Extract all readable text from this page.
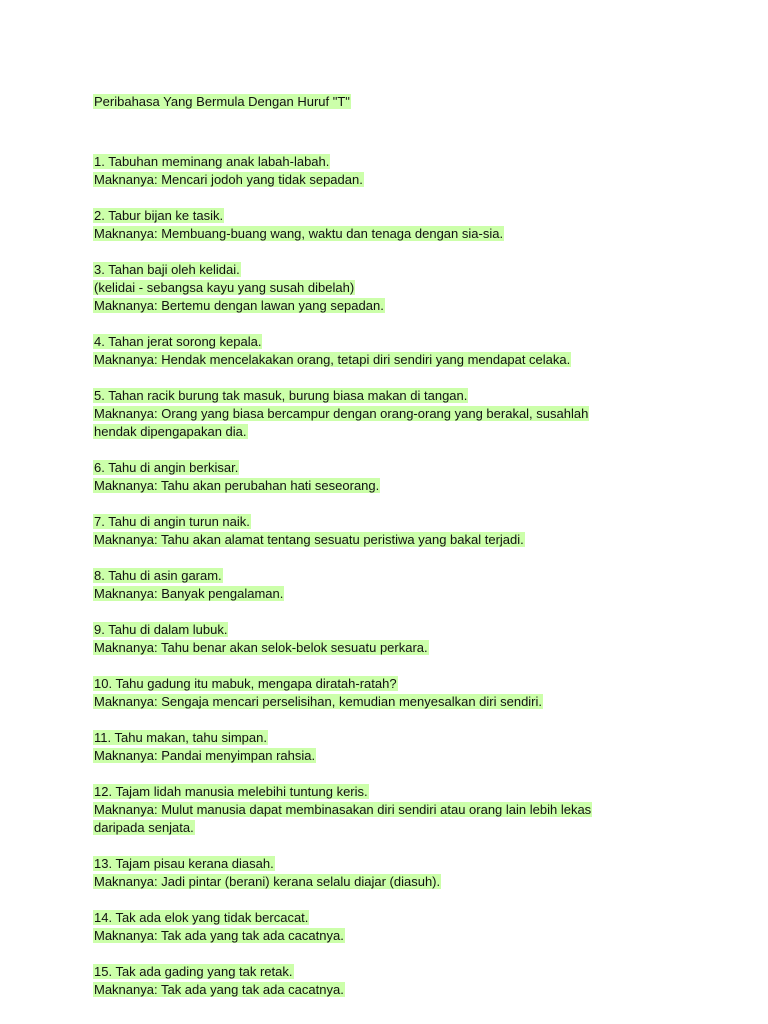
Peribahasa Yang Bermula Dengan Huruf "T"
1. Tabuhan meminang anak labah-labah.
Maknanya: Mencari jodoh yang tidak sepadan.
2. Tabur bijan ke tasik.
Maknanya: Membuang-buang wang, waktu dan tenaga dengan sia-sia.
3. Tahan baji oleh kelidai.
(kelidai - sebangsa kayu yang susah dibelah)
Maknanya: Bertemu dengan lawan yang sepadan.
4. Tahan jerat sorong kepala.
Maknanya: Hendak mencelakakan orang, tetapi diri sendiri yang mendapat celaka.
5. Tahan racik burung tak masuk, burung biasa makan di tangan.
Maknanya: Orang yang biasa bercampur dengan orang-orang yang berakal, susahlah
hendak dipengapakan dia.
6. Tahu di angin berkisar.
Maknanya: Tahu akan perubahan hati seseorang.
7. Tahu di angin turun naik.
Maknanya: Tahu akan alamat tentang sesuatu peristiwa yang bakal terjadi.
8. Tahu di asin garam.
Maknanya: Banyak pengalaman.
9. Tahu di dalam lubuk.
Maknanya: Tahu benar akan selok-belok sesuatu perkara.
10. Tahu gadung itu mabuk, mengapa diratah-ratah?
Maknanya: Sengaja mencari perselisihan, kemudian menyesalkan diri sendiri.
11. Tahu makan, tahu simpan.
Maknanya: Pandai menyimpan rahsia.
12. Tajam lidah manusia melebihi tuntung keris.
Maknanya: Mulut manusia dapat membinasakan diri sendiri atau orang lain lebih lekas
daripada senjata.
13. Tajam pisau kerana diasah.
Maknanya: Jadi pintar (berani) kerana selalu diajar (diasuh).
14. Tak ada elok yang tidak bercacat.
Maknanya: Tak ada yang tak ada cacatnya.
15. Tak ada gading yang tak retak.
Maknanya: Tak ada yang tak ada cacatnya.
